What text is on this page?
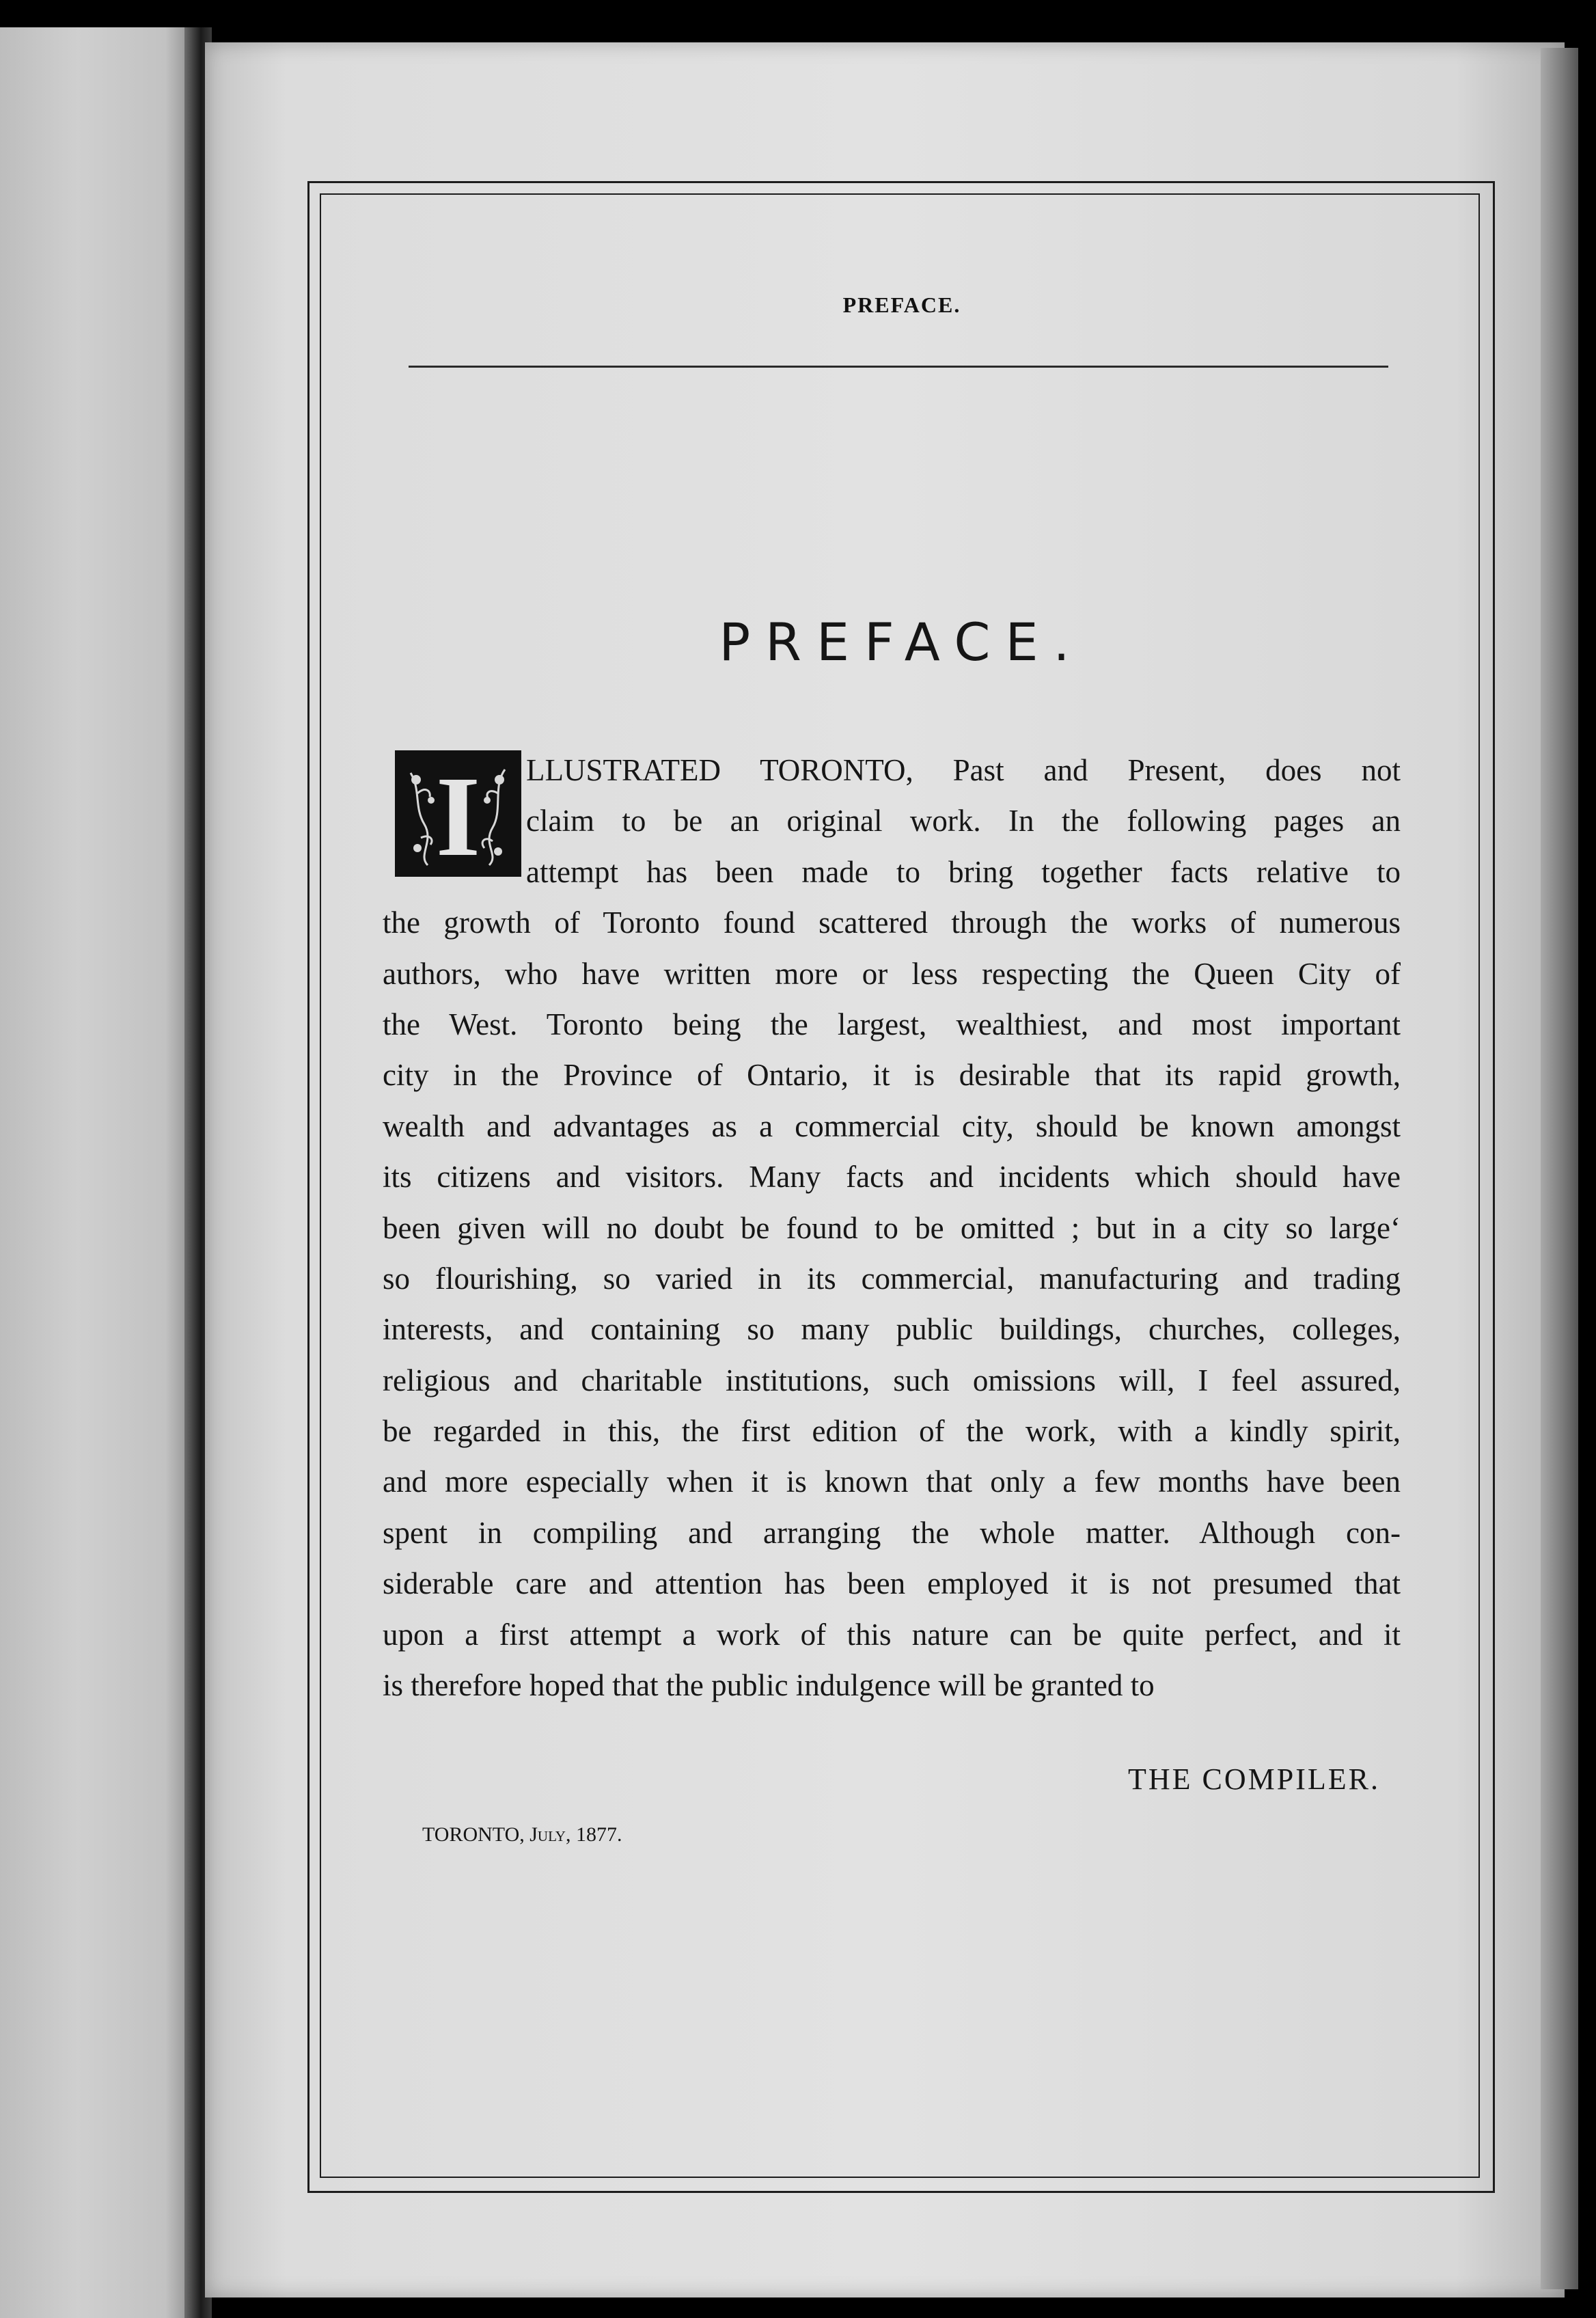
PREFACE.
PREFACE.
I	LLUSTRATED TORONTO, Past and Present, does not
claim to be an original work. In the following pages an
attempt has been made to bring together facts relative to
the growth of Toronto found scattered through the works of numerous
authors, who have written more or less respecting the Queen City of
the West. Toronto being the largest, wealthiest, and most important
city in the Province of Ontario, it is desirable that its rapid growth,
wealth and advantages as a commercial city, should be known amongst
its citizens and visitors. Many facts and incidents which should have
been given will no doubt be found to be omitted ; but in a city so large‘
so flourishing, so varied in its commercial, manufacturing and trading
interests, and containing so many public buildings, churches, colleges,
religious and charitable institutions, such omissions will, I feel assured,
be regarded in this, the first edition of the work, with a kindly spirit,
and more especially when it is known that only a few months have been
spent in compiling and arranging the whole matter. Although con-
siderable care and attention has been employed it is not presumed that
upon a first attempt a work of this nature can be quite perfect, and it
is therefore hoped that the public indulgence will be granted to
THE COMPILER.
TORONTO, July, 1877.
